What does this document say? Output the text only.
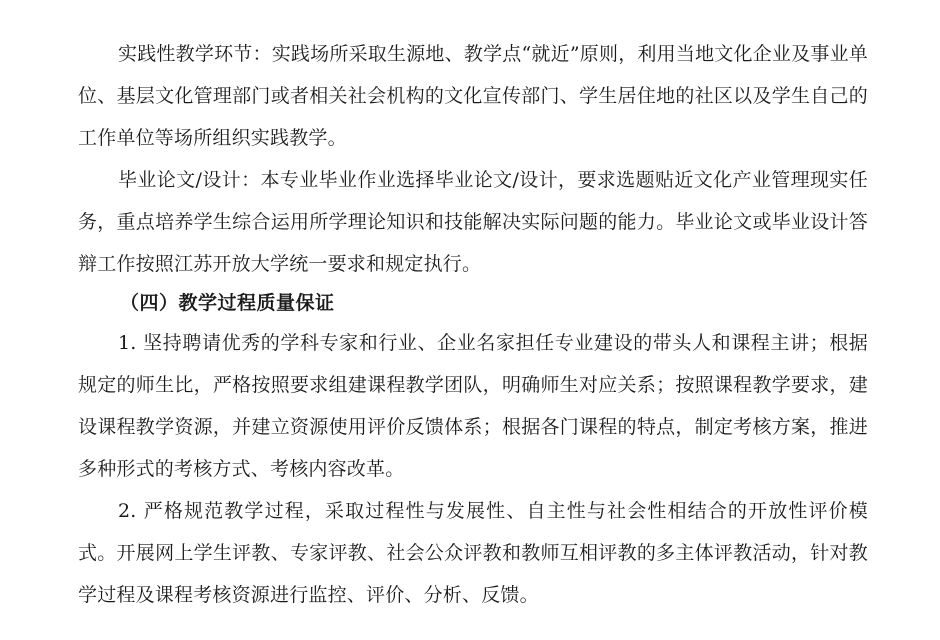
实践性教学环节：实践场所采取生源地、教学点“就近”原则，利用当地文化企业及事业单位、基层文化管理部门或者相关社会机构的文化宣传部门、学生居住地的社区以及学生自己的工作单位等场所组织实践教学。

毕业论文/设计：本专业毕业作业选择毕业论文/设计，要求选题贴近文化产业管理现实任务，重点培养学生综合运用所学理论知识和技能解决实际问题的能力。毕业论文或毕业设计答辩工作按照江苏开放大学统一要求和规定执行。

（四）教学过程质量保证

1. 坚持聘请优秀的学科专家和行业、企业名家担任专业建设的带头人和课程主讲；根据规定的师生比，严格按照要求组建课程教学团队，明确师生对应关系；按照课程教学要求，建设课程教学资源，并建立资源使用评价反馈体系；根据各门课程的特点，制定考核方案，推进多种形式的考核方式、考核内容改革。

2. 严格规范教学过程，采取过程性与发展性、自主性与社会性相结合的开放性评价模式。开展网上学生评教、专家评教、社会公众评教和教师互相评教的多主体评教活动，针对教学过程及课程考核资源进行监控、评价、分析、反馈。
